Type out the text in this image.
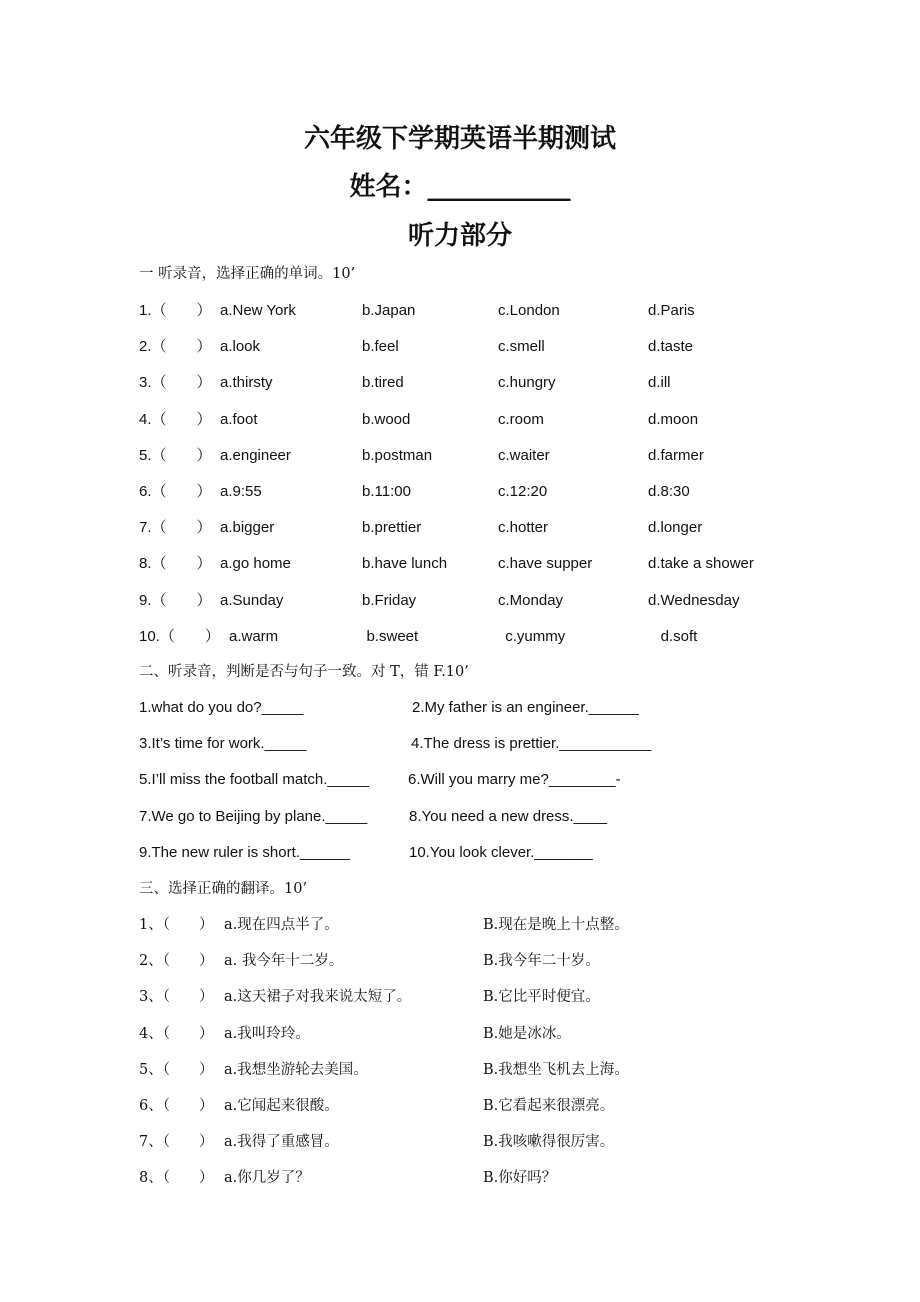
六年级下学期英语半期测试
姓名：___________
听力部分
一 听录音，选择正确的单词。10’
1.（　　） a.New York	b.Japan	c.London	d.Paris
2.（　　） a.look	b.feel	c.smell	d.taste
3.（　　） a.thirsty	b.tired	c.hungry	d.ill
4.（　　） a.foot	b.wood	c.room	d.moon
5.（　　） a.engineer	b.postman	c.waiter	d.farmer
6.（　　） a.9:55	b.11:00	c.12:20	d.8:30
7.（　　） a.bigger	b.prettier	c.hotter	d.longer
8.（　　） a.go home	b.have lunch	c.have supper	d.take a shower
9.（　　） a.Sunday	b.Friday	c.Monday	d.Wednesday
10.（　　） a.warm	b.sweet	c.yummy	d.soft
二、听录音，判断是否与句子一致。对 T，错 F.10’
1.what do you do?_____	2.My father is an engineer.______
3.It’s time for work._____	4.The dress is prettier.___________
5.I’ll miss the football match._____	6.Will you marry me?________-
7.We go to Beijing by plane._____	8.You need a new dress.____
9.The new ruler is short.______	10.You look clever._______
三、选择正确的翻译。10’
1、（　　） a.现在四点半了。	B.现在是晚上十点整。
2、（　　） a. 我今年十二岁。	B.我今年二十岁。
3、（　　） a.这天裙子对我来说太短了。	B.它比平时便宜。
4、（　　） a.我叫玲玲。	B.她是冰冰。
5、（　　） a.我想坐游轮去美国。	B.我想坐飞机去上海。
6、（　　） a.它闻起来很酸。	B.它看起来很漂亮。
7、（　　） a.我得了重感冒。	B.我咳嗽得很厉害。
8、（　　） a.你几岁了？	B.你好吗？
